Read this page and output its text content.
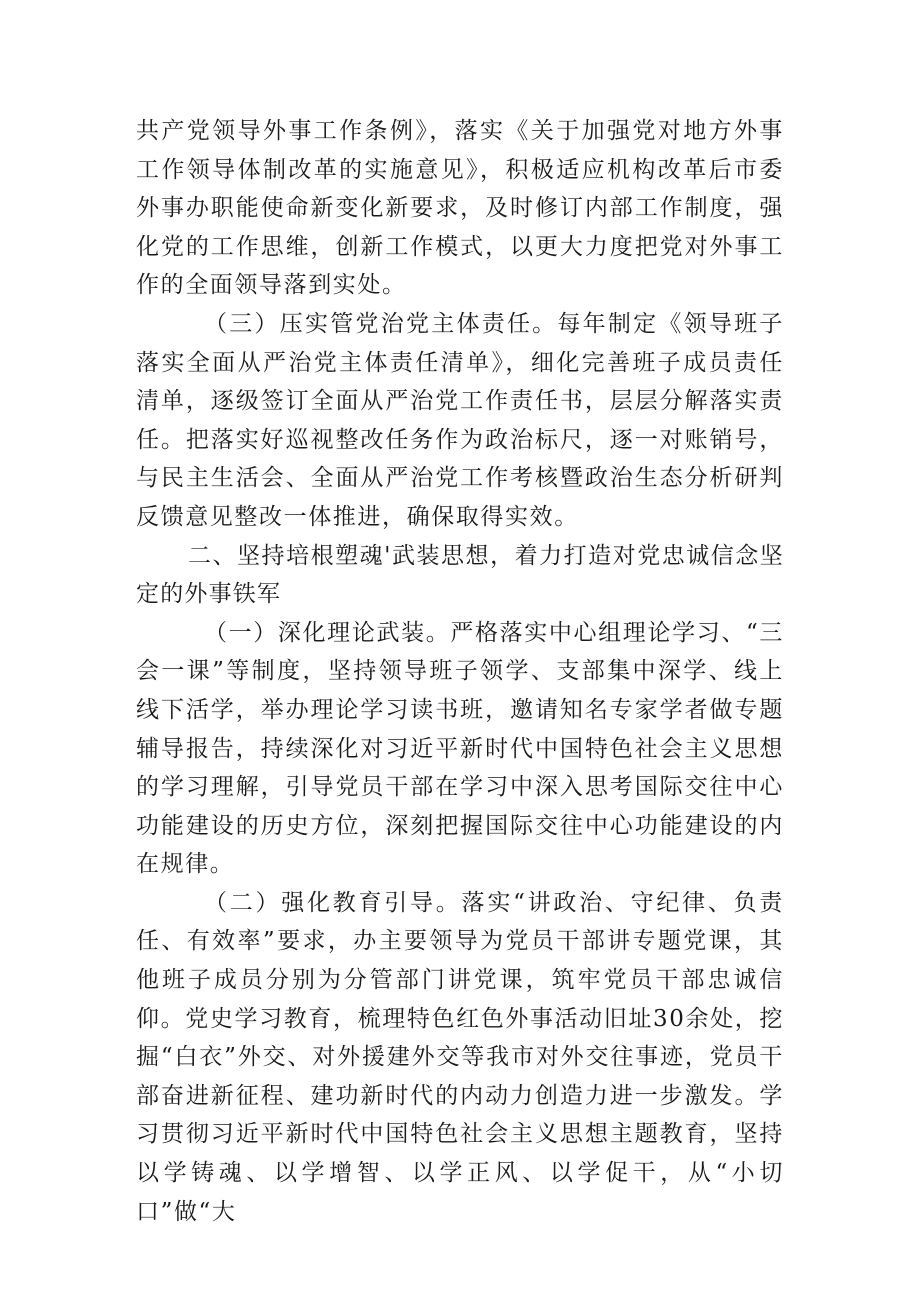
共产党领导外事工作条例》，落实《关于加强党对地方外事工作领导体制改革的实施意见》，积极适应机构改革后市委外事办职能使命新变化新要求，及时修订内部工作制度，强化党的工作思维，创新工作模式，以更大力度把党对外事工作的全面领导落到实处。

（三）压实管党治党主体责任。每年制定《领导班子落实全面从严治党主体责任清单》，细化完善班子成员责任清单，逐级签订全面从严治党工作责任书，层层分解落实责任。把落实好巡视整改任务作为政治标尺，逐一对账销号，与民主生活会、全面从严治党工作考核暨政治生态分析研判反馈意见整改一体推进，确保取得实效。

二、坚持培根塑魂'武装思想，着力打造对党忠诚信念坚定的外事铁军

（一）深化理论武装。严格落实中心组理论学习、“三会一课”等制度，坚持领导班子领学、支部集中深学、线上线下活学，举办理论学习读书班，邀请知名专家学者做专题辅导报告，持续深化对习近平新时代中国特色社会主义思想的学习理解，引导党员干部在学习中深入思考国际交往中心功能建设的历史方位，深刻把握国际交往中心功能建设的内在规律。

（二）强化教育引导。落实“讲政治、守纪律、负责任、有效率”要求，办主要领导为党员干部讲专题党课，其他班子成员分别为分管部门讲党课，筑牢党员干部忠诚信仰。党史学习教育，梳理特色红色外事活动旧址30余处，挖掘“白衣”外交、对外援建外交等我市对外交往事迹，党员干部奋进新征程、建功新时代的内动力创造力进一步激发。学习贯彻习近平新时代中国特色社会主义思想主题教育，坚持以学铸魂、以学增智、以学正风、以学促干，从“小切口”做“大
